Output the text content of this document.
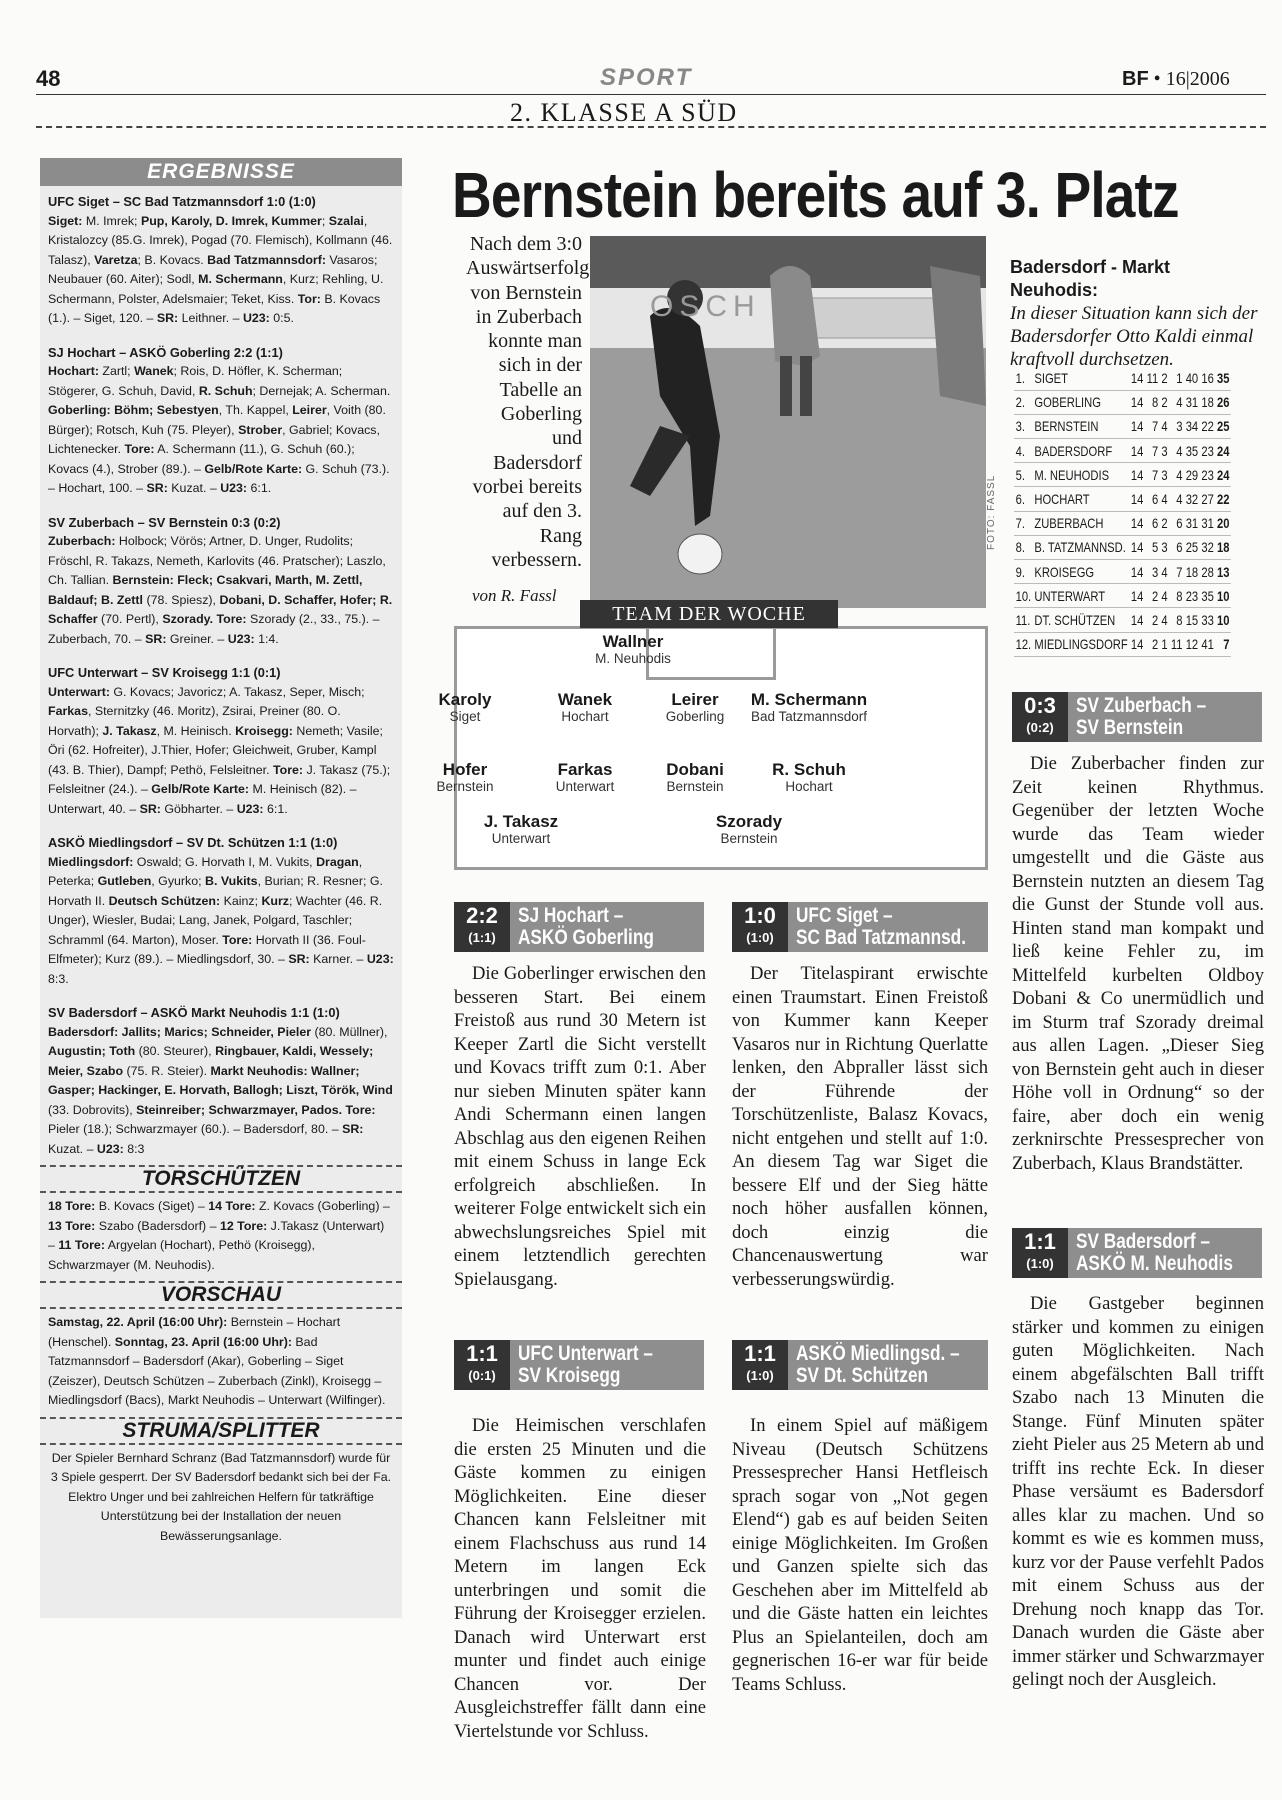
48	SPORT	BF • 16|2006
2. KLASSE A SÜD
ERGEBNISSE
UFC Siget – SC Bad Tatzmannsdorf 1:0 (1:0)
Siget: M. Imrek; Pup, Karoly, D. Imrek, Kummer; Szalai, Kristalozcy (85.G. Imrek), Pogad (70. Flemisch), Kollmann (46. Talasz), Varetza; B. Kovacs. Bad Tatzmannsdorf: Vasaros; Neubauer (60. Aiter); Sodl, M. Schermann, Kurz; Rehling, U. Schermann, Polster, Adelsmaier; Teket, Kiss. Tor: B. Kovacs (1.). – Siget, 120. – SR: Leithner. – U23: 0:5.
SJ Hochart – ASKÖ Goberling 2:2 (1:1)
Hochart: Zartl; Wanek; Rois, D. Höfler, K. Scherman; Stögerer, G. Schuh, David, R. Schuh; Dernejak; A. Scherman. Goberling: Böhm; Sebestyen, Th. Kappel, Leirer, Voith (80. Bürger); Rotsch, Kuh (75. Pleyer), Strober, Gabriel; Kovacs, Lichtenecker. Tore: A. Schermann (11.), G. Schuh (60.); Kovacs (4.), Strober (89.). – Gelb/Rote Karte: G. Schuh (73.). – Hochart, 100. – SR: Kuzat. – U23: 6:1.
SV Zuberbach – SV Bernstein 0:3 (0:2)
Zuberbach: Holbock; Vörös; Artner, D. Unger, Rudolits; Fröschl, R. Takazs, Nemeth, Karlovits (46. Pratscher); Laszlo, Ch. Tallian. Bernstein: Fleck; Csakvari, Marth, M. Zettl, Baldauf; B. Zettl (78. Spiesz), Dobani, D. Schaffer, Hofer; R. Schaffer (70. Pertl), Szorady. Tore: Szorady (2., 33., 75.). – Zuberbach, 70. – SR: Greiner. – U23: 1:4.
UFC Unterwart – SV Kroisegg 1:1 (0:1)
Unterwart: G. Kovacs; Javoricz; A. Takasz, Seper, Misch; Farkas, Sternitzky (46. Moritz), Zsirai, Preiner (80. O. Horvath); J. Takasz, M. Heinisch. Kroisegg: Nemeth; Vasile; Öri (62. Hofreiter), J.Thier, Hofer; Gleichweit, Gruber, Kampl (43. B. Thier), Dampf; Pethö, Felsleitner. Tore: J. Takasz (75.); Felsleitner (24.). – Gelb/Rote Karte: M. Heinisch (82). – Unterwart, 40. – SR: Göbharter. – U23: 6:1.
ASKÖ Miedlingsdorf – SV Dt. Schützen 1:1 (1:0)
Miedlingsdorf: Oswald; G. Horvath I, M. Vukits, Dragan, Peterka; Gutleben, Gyurko; B. Vukits, Burian; R. Resner; G. Horvath II. Deutsch Schützen: Kainz; Kurz; Wachter (46. R. Unger), Wiesler, Budai; Lang, Janek, Polgard, Taschler; Schramml (64. Marton), Moser. Tore: Horvath II (36. Foul-Elfmeter); Kurz (89.). – Miedlingsdorf, 30. – SR: Karner. – U23: 8:3.
SV Badersdorf – ASKÖ Markt Neuhodis 1:1 (1:0)
Badersdorf: Jallits; Marics; Schneider, Pieler (80. Müllner), Augustin; Toth (80. Steurer), Ringbauer, Kaldi, Wessely; Meier, Szabo (75. R. Steier). Markt Neuhodis: Wallner; Gasper; Hackinger, E. Horvath, Ballogh; Liszt, Török, Wind (33. Dobrovits), Steinreiber; Schwarzmayer, Pados. Tore: Pieler (18.); Schwarzmayer (60.). – Badersdorf, 80. – SR: Kuzat. – U23: 8:3
TORSCHÜTZEN
18 Tore: B. Kovacs (Siget) – 14 Tore: Z. Kovacs (Goberling) – 13 Tore: Szabo (Badersdorf) – 12 Tore: J.Takasz (Unterwart) – 11 Tore: Argyelan (Hochart), Pethö (Kroisegg), Schwarzmayer (M. Neuhodis).
VORSCHAU
Samstag, 22. April (16:00 Uhr): Bernstein – Hochart (Henschel). Sonntag, 23. April (16:00 Uhr): Bad Tatzmannsdorf – Badersdorf (Akar), Goberling – Siget (Zeiszer), Deutsch Schützen – Zuberbach (Zinkl), Kroisegg – Miedlingsdorf (Bacs), Markt Neuhodis – Unterwart (Wilfinger).
STRUMA/SPLITTER
Der Spieler Bernhard Schranz (Bad Tatzmannsdorf) wurde für 3 Spiele gesperrt. Der SV Badersdorf bedankt sich bei der Fa. Elektro Unger und bei zahlreichen Helfern für tatkräftige Unterstützung bei der Installation der neuen Bewässerungsanlage.
Bernstein bereits auf 3. Platz
Nach dem 3:0 Auswärtserfolg von Bernstein in Zuberbach konnte man sich in der Tabelle an Goberling und Badersdorf vorbei bereits auf den 3. Rang verbessern.
von R. Fassl
OSCH
FOTO: FASSL
TEAM DER WOCHE
Wallner
M. Neuhodis
Karoly
Siget
Wanek
Hochart
Leirer
Goberling
M. Schermann
Bad Tatzmannsdorf
Hofer
Bernstein
Farkas
Unterwart
Dobani
Bernstein
R. Schuh
Hochart
J. Takasz
Unterwart
Szorady
Bernstein
Badersdorf - Markt Neuhodis:
In dieser Situation kann sich der Badersdorfer Otto Kaldi einmal kraftvoll durchsetzen.
1.	SIGET	14	11	2	1	40	16	35
2.	GOBERLING	14	8	2	4	31	18	26
3.	BERNSTEIN	14	7	4	3	34	22	25
4.	BADERSDORF	14	7	3	4	35	23	24
5.	M. NEUHODIS	14	7	3	4	29	23	24
6.	HOCHART	14	6	4	4	32	27	22
7.	ZUBERBACH	14	6	2	6	31	31	20
8.	B. TATZMANNSD.	14	5	3	6	25	32	18
9.	KROISEGG	14	3	4	7	18	28	13
10.	UNTERWART	14	2	4	8	23	35	10
11.	DT. SCHÜTZEN	14	2	4	8	15	33	10
12.	MIEDLINGSDORF	14	2	1	11	12	41	7
2:2
(1:1)
SJ Hochart –
ASKÖ Goberling

Die Goberlinger erwischen den besseren Start. Bei einem Freistoß aus rund 30 Metern ist Keeper Zartl die Sicht verstellt und Kovacs trifft zum 0:1. Aber nur sieben Minuten später kann Andi Schermann einen langen Abschlag aus den eigenen Reihen mit einem Schuss in lange Eck erfolgreich abschließen. In weiterer Folge entwickelt sich ein abwechslungsreiches Spiel mit einem letztendlich gerechten Spielausgang.

1:0
(1:0)
UFC Siget –
SC Bad Tatzmannsd.

Der Titelaspirant erwischte einen Traumstart. Einen Freistoß von Kummer kann Keeper Vasaros nur in Richtung Querlatte lenken, den Abpraller lässt sich der Führende der Torschützenliste, Balasz Kovacs, nicht entgehen und stellt auf 1:0. An diesem Tag war Siget die bessere Elf und der Sieg hätte noch höher ausfallen können, doch einzig die Chancenauswertung war verbesserungswürdig.

0:3
(0:2)
SV Zuberbach –
SV Bernstein

Die Zuberbacher finden zur Zeit keinen Rhythmus. Gegenüber der letzten Woche wurde das Team wieder umgestellt und die Gäste aus Bernstein nutzten an diesem Tag die Gunst der Stunde voll aus. Hinten stand man kompakt und ließ keine Fehler zu, im Mittelfeld kurbelten Oldboy Dobani & Co unermüdlich und im Sturm traf Szorady dreimal aus allen Lagen. „Dieser Sieg von Bernstein geht auch in dieser Höhe voll in Ordnung“ so der faire, aber doch ein wenig zerknirschte Pressesprecher von Zuberbach, Klaus Brandstätter.

1:1
(0:1)
UFC Unterwart –
SV Kroisegg

Die Heimischen verschlafen die ersten 25 Minuten und die Gäste kommen zu einigen Möglichkeiten. Eine dieser Chancen kann Felsleitner mit einem Flachschuss aus rund 14 Metern im langen Eck unterbringen und somit die Führung der Kroisegger erzielen. Danach wird Unterwart erst munter und findet auch einige Chancen vor. Der Ausgleichstreffer fällt dann eine Viertelstunde vor Schluss.

1:1
(1:0)
ASKÖ Miedlingsd. –
SV Dt. Schützen

In einem Spiel auf mäßigem Niveau (Deutsch Schützens Pressesprecher Hansi Hetfleisch sprach sogar von „Not gegen Elend“) gab es auf beiden Seiten einige Möglichkeiten. Im Großen und Ganzen spielte sich das Geschehen aber im Mittelfeld ab und die Gäste hatten ein leichtes Plus an Spielanteilen, doch am gegnerischen 16-er war für beide Teams Schluss.

1:1
(1:0)
SV Badersdorf –
ASKÖ M. Neuhodis

Die Gastgeber beginnen stärker und kommen zu einigen guten Möglichkeiten. Nach einem abgefälschten Ball trifft Szabo nach 13 Minuten die Stange. Fünf Minuten später zieht Pieler aus 25 Metern ab und trifft ins rechte Eck. In dieser Phase versäumt es Badersdorf alles klar zu machen. Und so kommt es wie es kommen muss, kurz vor der Pause verfehlt Pados mit einem Schuss aus der Drehung noch knapp das Tor. Danach wurden die Gäste aber immer stärker und Schwarzmayer gelingt noch der Ausgleich.
